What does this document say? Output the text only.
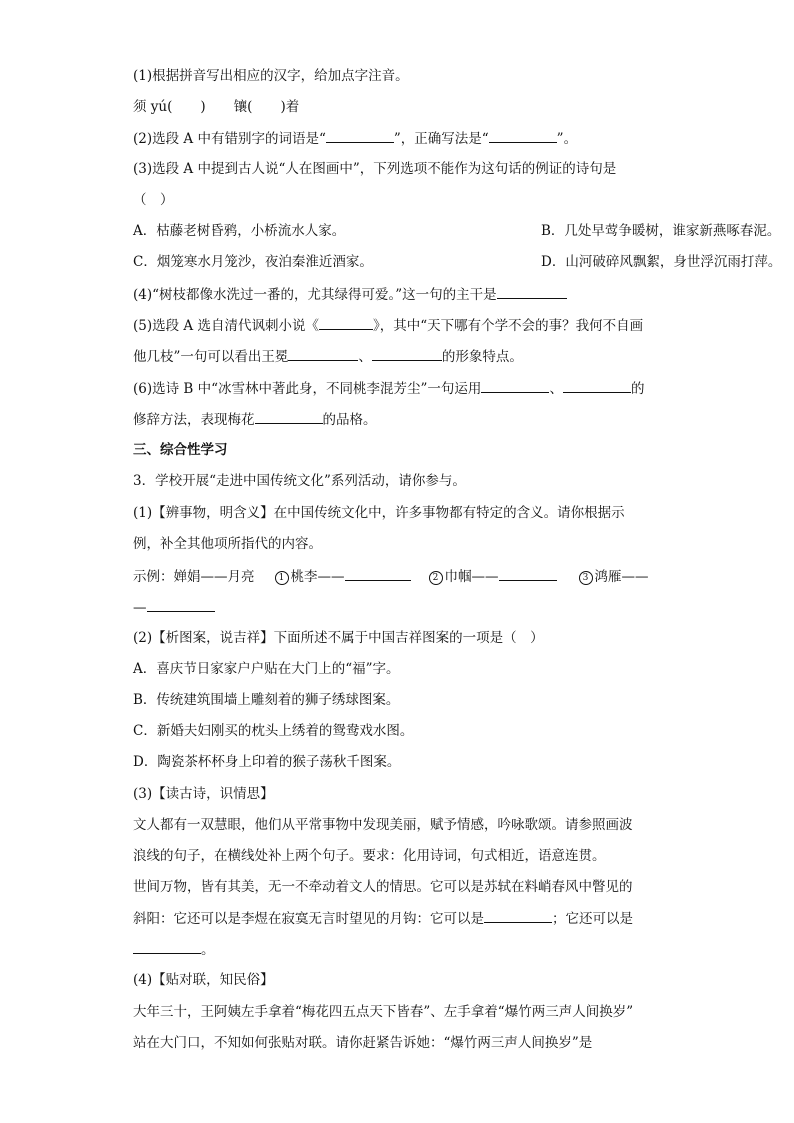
(1)根据拼音写出相应的汉字，给加点字注音。
须 yú( ) 镶( )着
(2)选段 A 中有错别字的词语是“	”，正确写法是“	”。
(3)选段 A 中提到古人说“人在图画中”，下列选项不能作为这句话的例证的诗句是
（　）
A．枯藤老树昏鸦，小桥流水人家。	B．几处早莺争暖树，谁家新燕啄春泥。
C．烟笼寒水月笼沙，夜泊秦淮近酒家。	D．山河破碎风飘絮，身世浮沉雨打萍。
(4)“树枝都像水洗过一番的，尤其绿得可爱。”这一句的主干是
(5)选段 A 选自清代讽刺小说《	》，其中“天下哪有个学不会的事？我何不自画
他几枝”一句可以看出王冕	、	的形象特点。
(6)选诗 B 中“冰雪林中著此身，不同桃李混芳尘”一句运用	、	的
修辞方法，表现梅花	的品格。
三、综合性学习
3．学校开展“走进中国传统文化”系列活动，请你参与。
(1)【辨事物，明含义】在中国传统文化中，许多事物都有特定的含义。请你根据示
例，补全其他项所指代的内容。
示例：婵娟——月亮	1 桃李——	2 巾帼——	3 鸿雁——
—
(2)【析图案，说吉祥】下面所述不属于中国吉祥图案的一项是（　）
A．喜庆节日家家户户贴在大门上的“福”字。
B．传统建筑围墙上雕刻着的狮子绣球图案。
C．新婚夫妇刚买的枕头上绣着的鸳鸯戏水图。
D．陶瓷茶杯杯身上印着的猴子荡秋千图案。
(3)【读古诗，识情思】
文人都有一双慧眼，他们从平常事物中发现美丽，赋予情感，吟咏歌颂。请参照画波
浪线的句子，在横线处补上两个句子。要求：化用诗词，句式相近，语意连贯。
世间万物，皆有其美，无一不牵动着文人的情思。它可以是苏轼在料峭春风中瞥见的
斜阳：它还可以是李煜在寂寞无言时望见的月钩：它可以是	；它还可以是
。
(4)【贴对联，知民俗】
大年三十，王阿姨左手拿着“梅花四五点天下皆春”、左手拿着“爆竹两三声人间换岁”
站在大门口，不知如何张贴对联。请你赶紧告诉她：“爆竹两三声人间换岁”是
